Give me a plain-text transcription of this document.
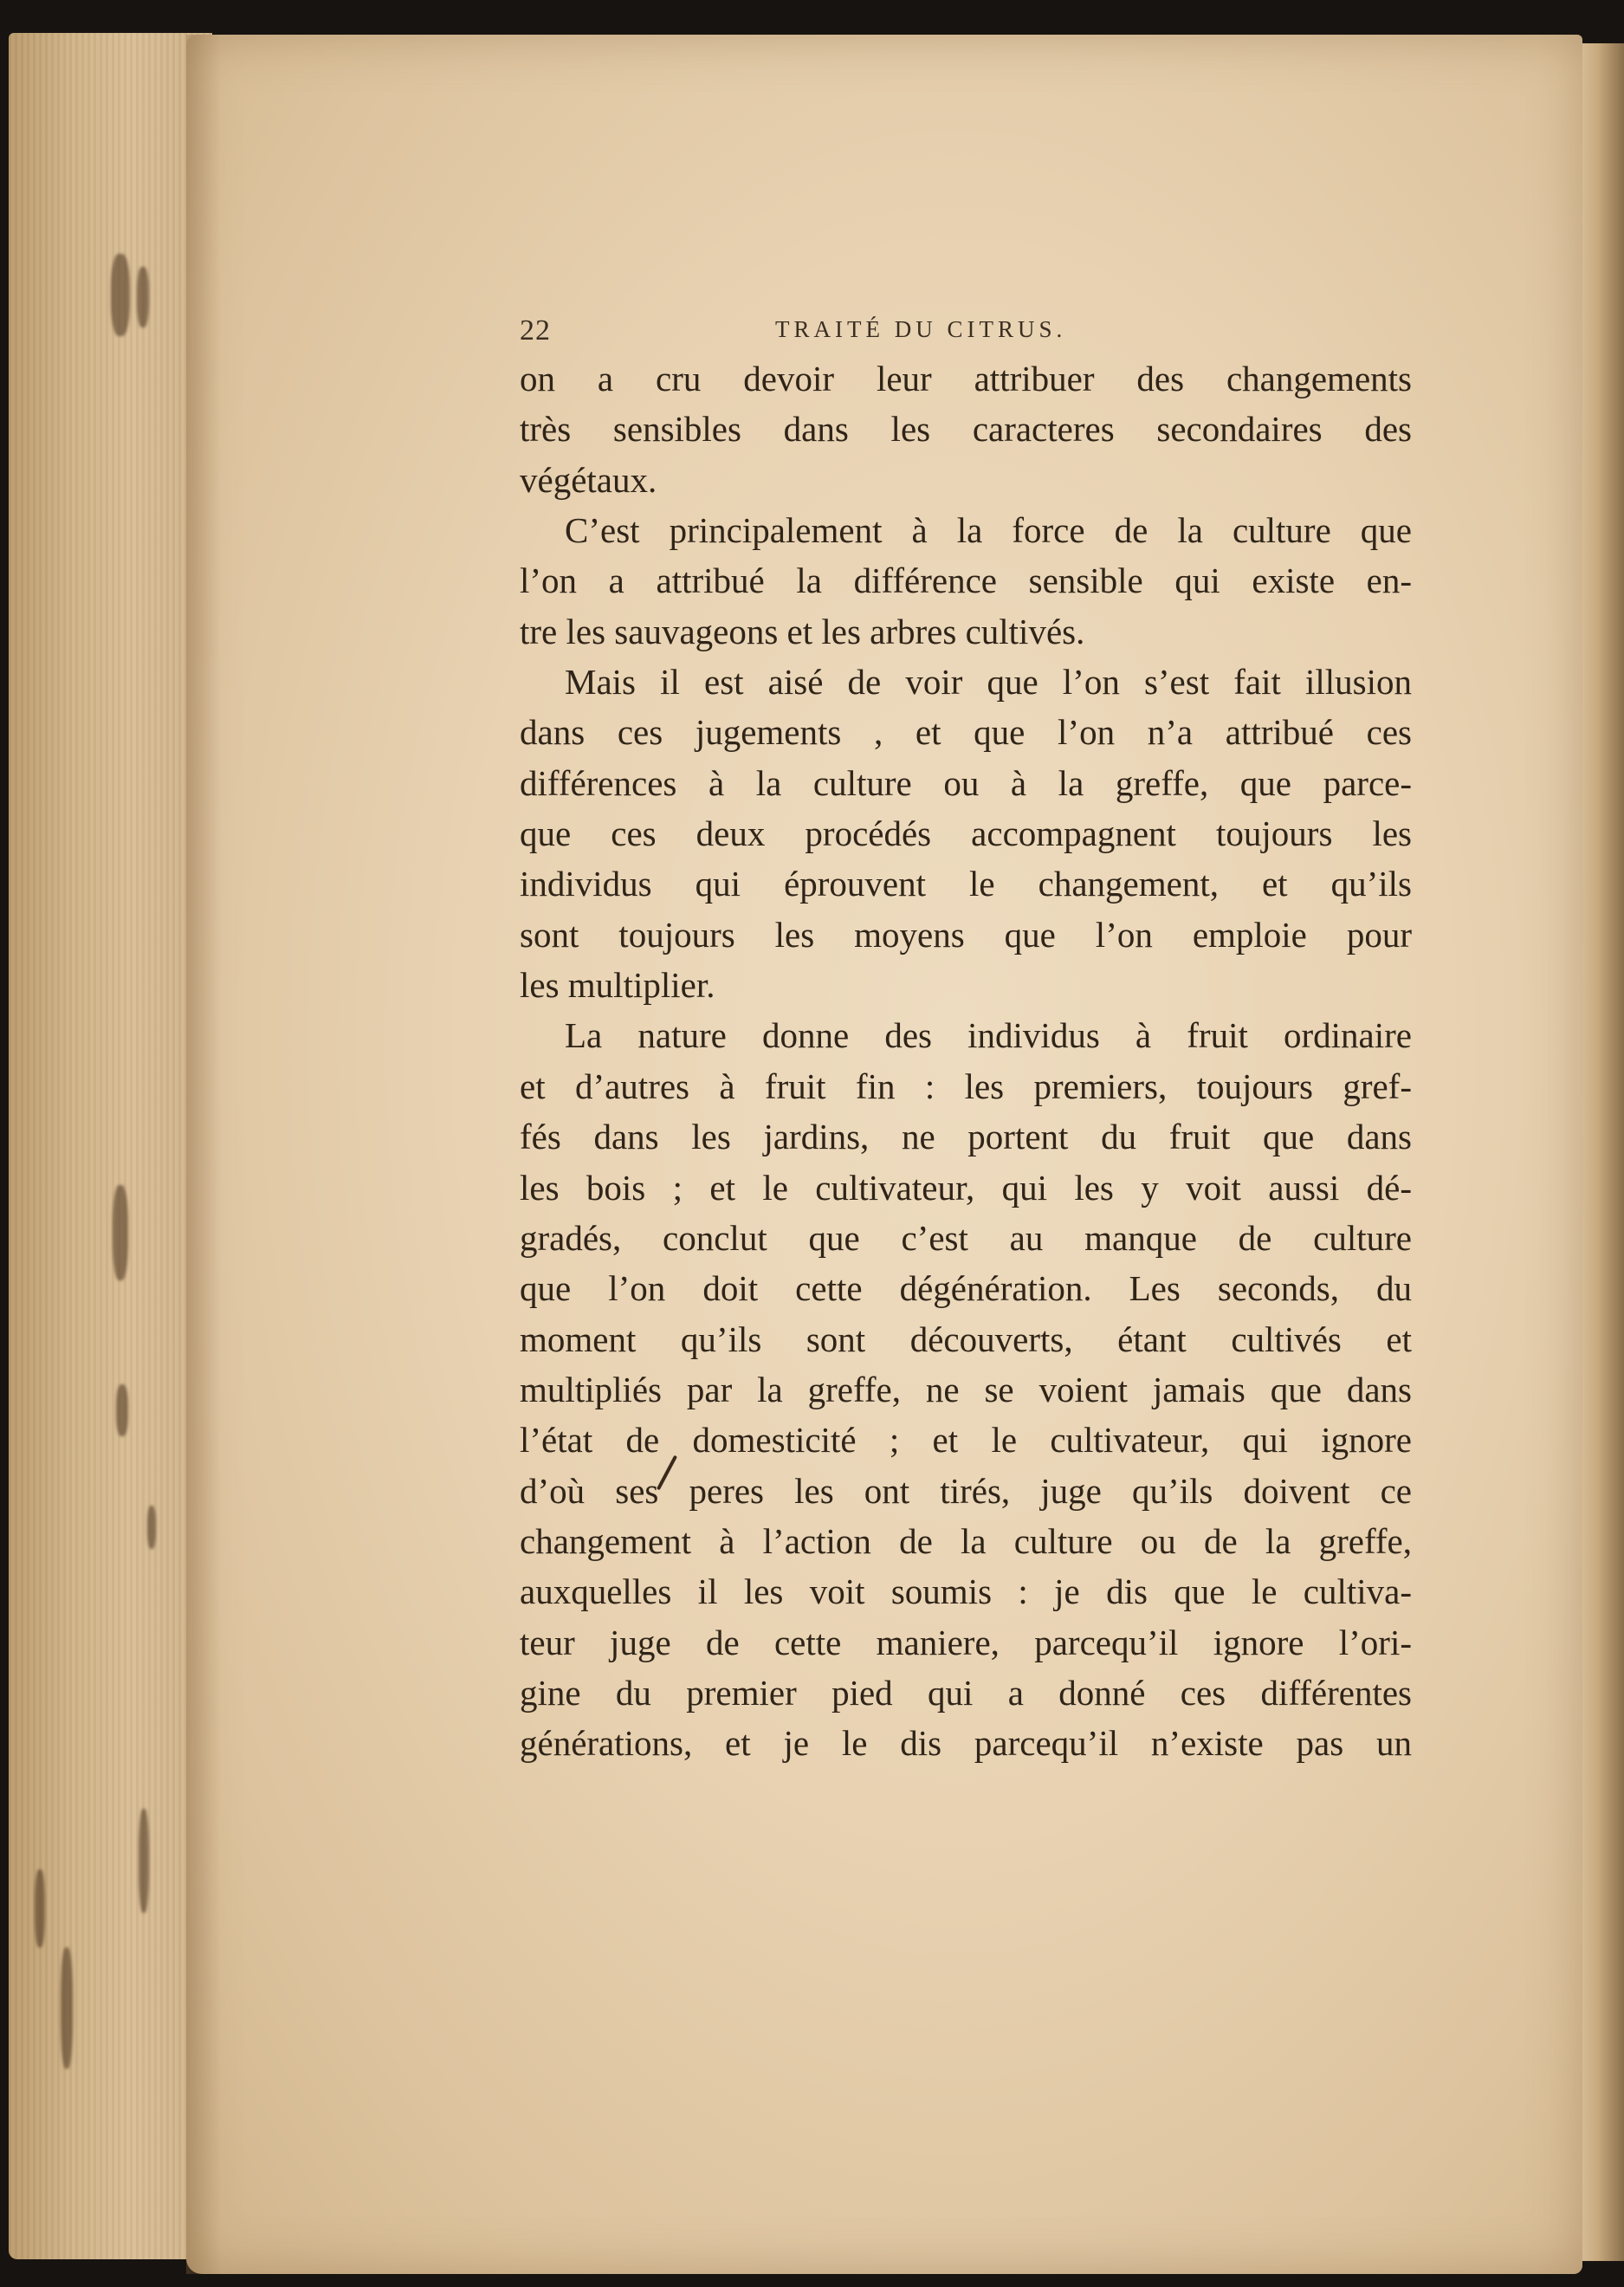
22	TRAITÉ DU CITRUS.
on a cru devoir leur attribuer des changements
très sensibles dans les caracteres secondaires des
végétaux.
C’est principalement à la force de la culture que
l’on a attribué la différence sensible qui existe en-
tre les sauvageons et les arbres cultivés.
Mais il est aisé de voir que l’on s’est fait illusion
dans ces jugements , et que l’on n’a attribué ces
différences à la culture ou à la greffe, que parce-
que ces deux procédés accompagnent toujours les
individus qui éprouvent le changement, et qu’ils
sont toujours les moyens que l’on emploie pour
les multiplier.
La nature donne des individus à fruit ordinaire
et d’autres à fruit fin : les premiers, toujours gref-
fés dans les jardins, ne portent du fruit que dans
les bois ; et le cultivateur, qui les y voit aussi dé-
gradés, conclut que c’est au manque de culture
que l’on doit cette dégénération. Les seconds, du
moment qu’ils sont découverts, étant cultivés et
multipliés par la greffe, ne se voient jamais que dans
l’état de domesticité ; et le cultivateur, qui ignore
d’où ses peres les ont tirés, juge qu’ils doivent ce
changement à l’action de la culture ou de la greffe,
auxquelles il les voit soumis : je dis que le cultiva-
teur juge de cette maniere, parcequ’il ignore l’ori-
gine du premier pied qui a donné ces différentes
générations, et je le dis parcequ’il n’existe pas un
